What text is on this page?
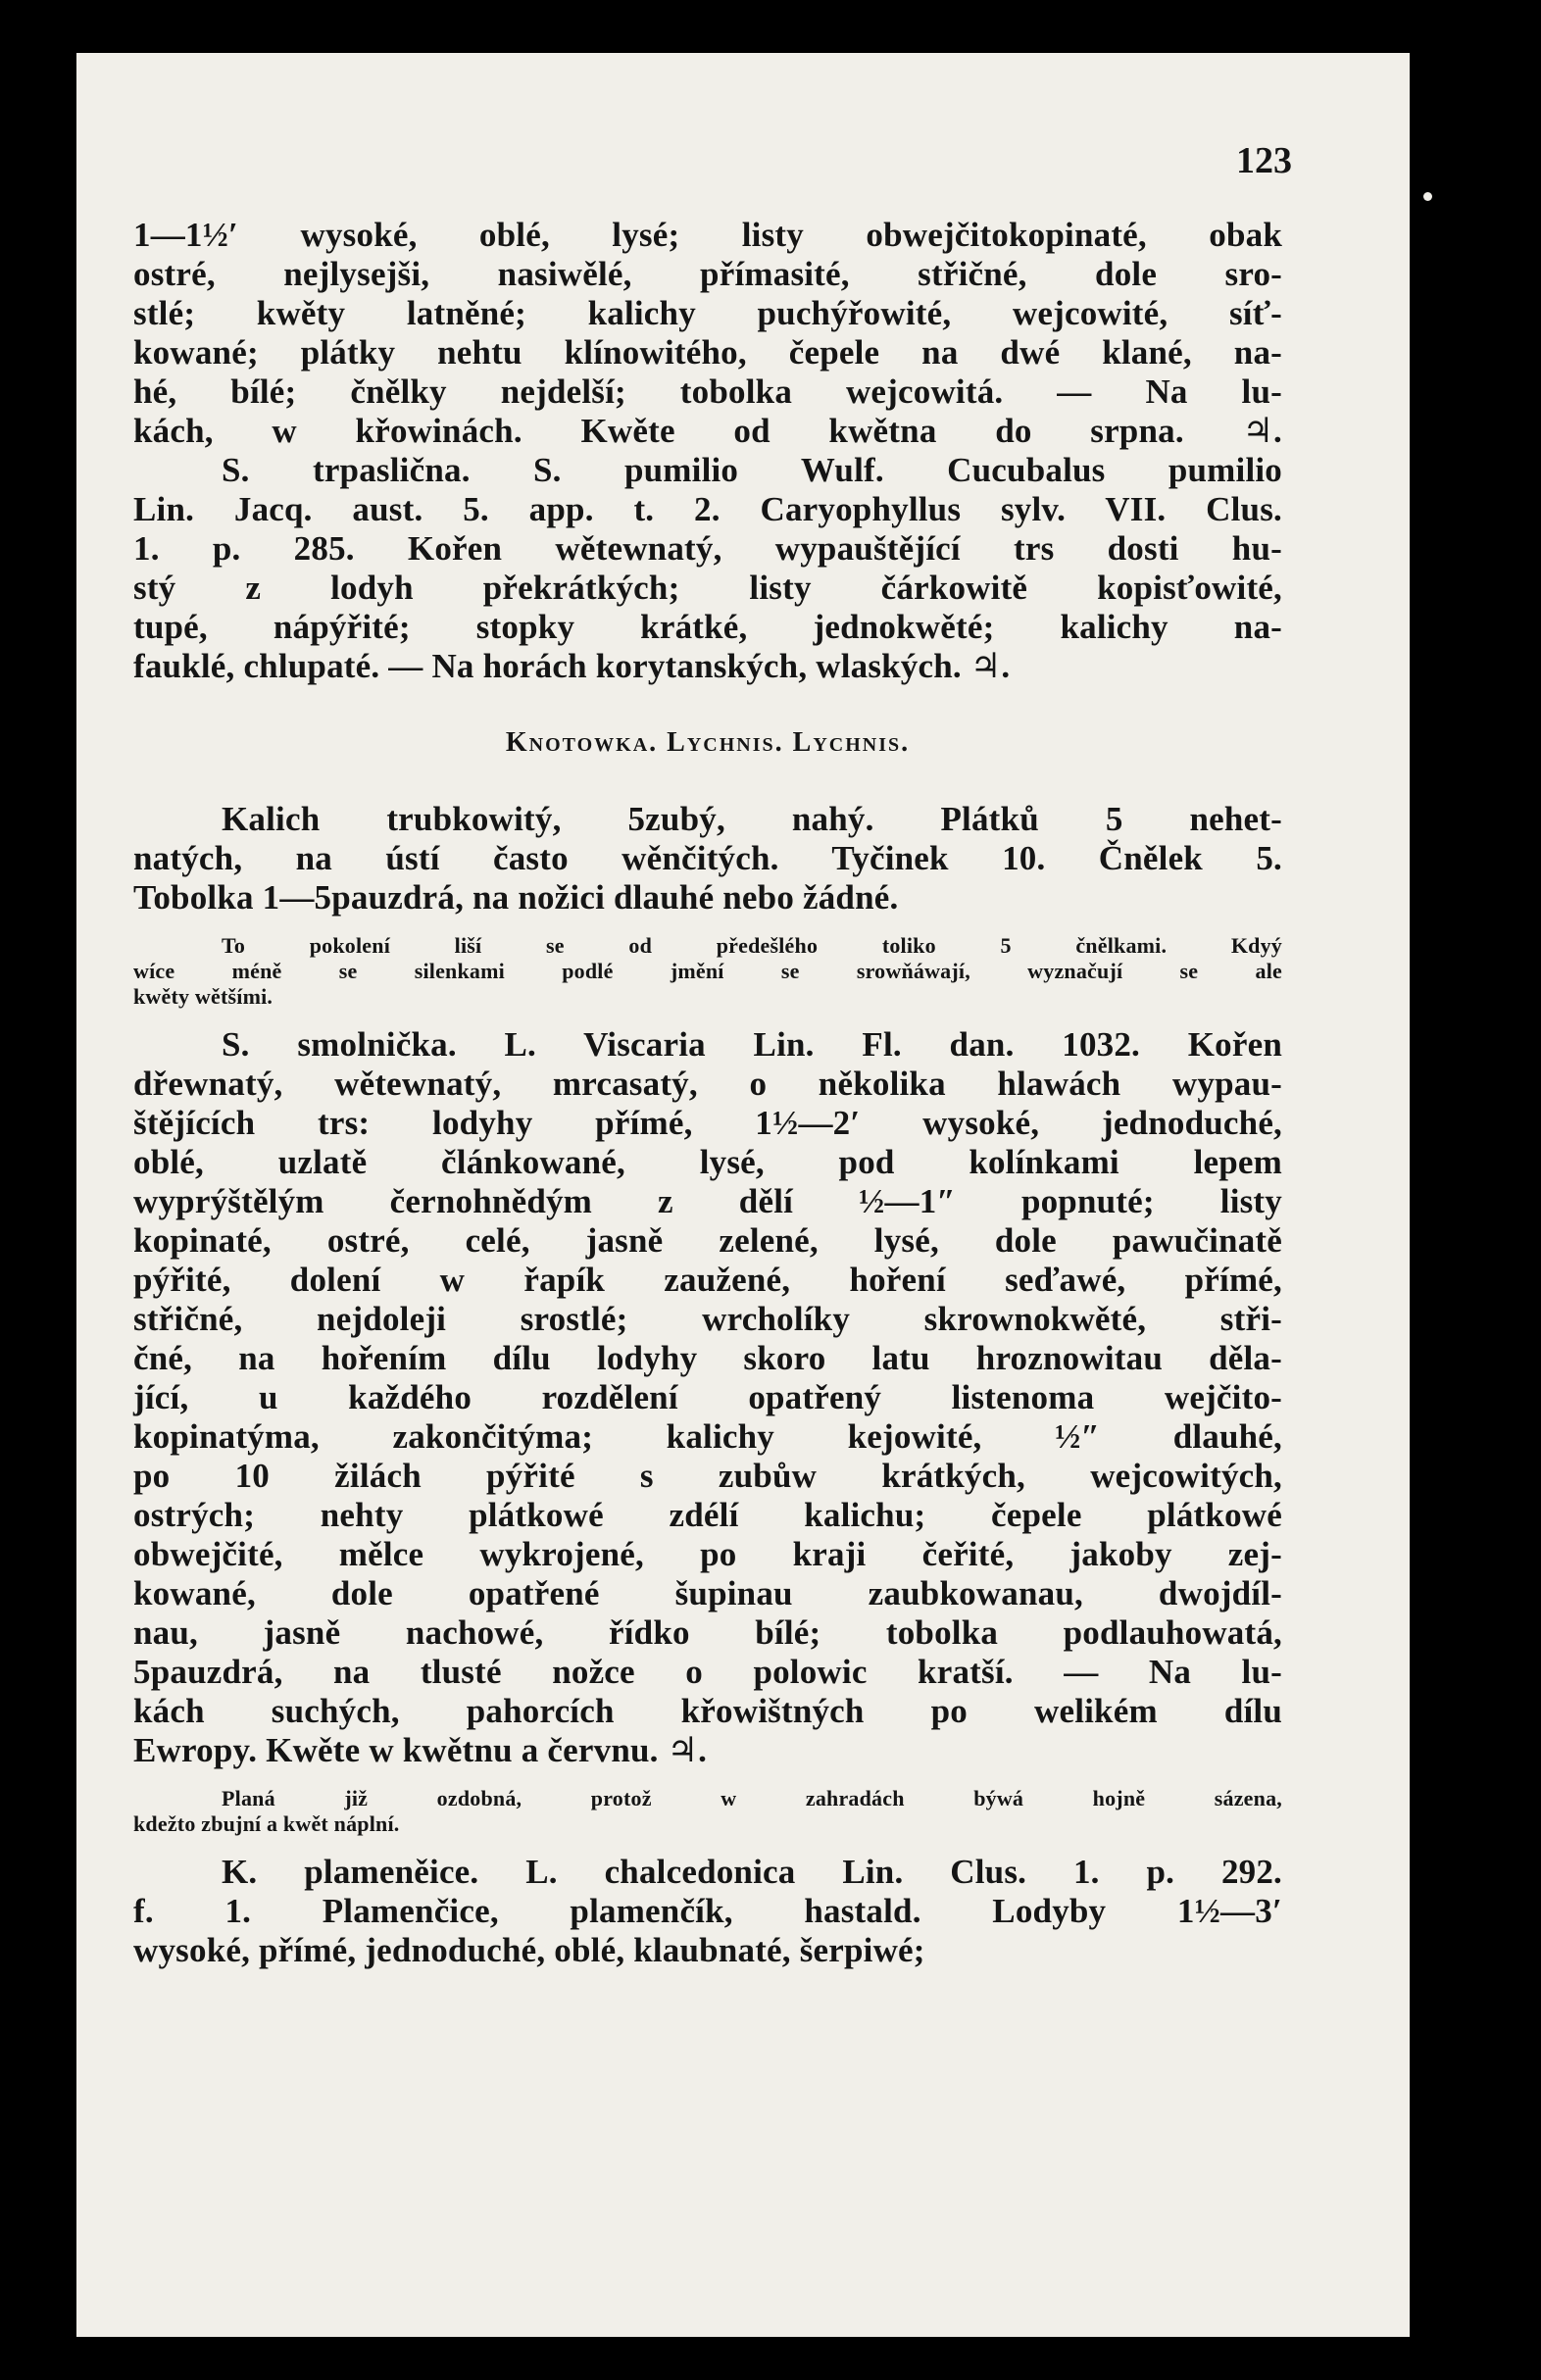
123
1—1½′ wysoké, oblé, lysé; listy obwejčitokopinaté, obak
ostré, nejlysejši, nasiwělé, přímasité, střičné, dole sro-
stlé; kwěty latněné; kalichy puchýřowité, wejcowité, síť-
kowané; plátky nehtu klínowitého, čepele na dwé klané, na-
hé, bílé; čnělky nejdelší; tobolka wejcowitá. — Na lu-
kách, w křowinách. Kwěte od kwětna do srpna. ♃.
S. trpaslična. S. pumilio Wulf. Cucubalus pumilio
Lin. Jacq. aust. 5. app. t. 2. Caryophyllus sylv. VII. Clus.
1. p. 285. Kořen wětewnatý, wypauštějící trs dosti hu-
stý z lodyh překrátkých; listy čárkowitě kopisťowité,
tupé, nápýřité; stopky krátké, jednokwěté; kalichy na-
fauklé, chlupaté. — Na horách korytanských, wlaských. ♃.
Knotowka. Lychnis. Lychnis.
Kalich trubkowitý, 5zubý, nahý. Plátků 5 nehet-
natých, na ústí často wěnčitých. Tyčinek 10. Čnělek 5.
Tobolka 1—5pauzdrá, na nožici dlauhé nebo žádné.
To pokolení liší se od předešlého toliko 5 čnělkami. Kdyý
wíce méně se silenkami podlé jmění se srowňáwají, wyznačují se ale
kwěty wětšími.
S. smolnička. L. Viscaria Lin. Fl. dan. 1032. Kořen
dřewnatý, wětewnatý, mrcasatý, o několika hlawách wypau-
štějících trs: lodyhy přímé, 1½—2′ wysoké, jednoduché,
oblé, uzlatě článkowané, lysé, pod kolínkami lepem
wyprýštělým černohnědým z dělí ½—1″ popnuté; listy
kopinaté, ostré, celé, jasně zelené, lysé, dole pawučinatě
pýřité, dolení w řapík zaužené, hoření seďawé, přímé,
střičné, nejdoleji srostlé; wrcholíky skrownokwěté, stři-
čné, na hořením dílu lodyhy skoro latu hroznowitau děla-
jící, u každého rozdělení opatřený listenoma wejčito-
kopinatýma, zakončitýma; kalichy kejowité, ½″ dlauhé,
po 10 žilách pýřité s zubůw krátkých, wejcowitých,
ostrých; nehty plátkowé zdélí kalichu; čepele plátkowé
obwejčité, mělce wykrojené, po kraji čeřité, jakoby zej-
kowané, dole opatřené šupinau zaubkowanau, dwojdíl-
nau, jasně nachowé, řídko bílé; tobolka podlauhowatá,
5pauzdrá, na tlusté nožce o polowic kratší. — Na lu-
kách suchých, pahorcích křowištných po welikém dílu
Ewropy. Kwěte w kwětnu a červnu. ♃.
Planá již ozdobná, protož w zahradách býwá hojně sázena,
kdežto zbujní a kwět náplní.
K. plameněice. L. chalcedonica Lin. Clus. 1. p. 292.
f. 1. Plamenčice, plamenčík, hastald. Lodyby 1½—3′
wysoké, přímé, jednoduché, oblé, klaubnaté, šerpiwé;
